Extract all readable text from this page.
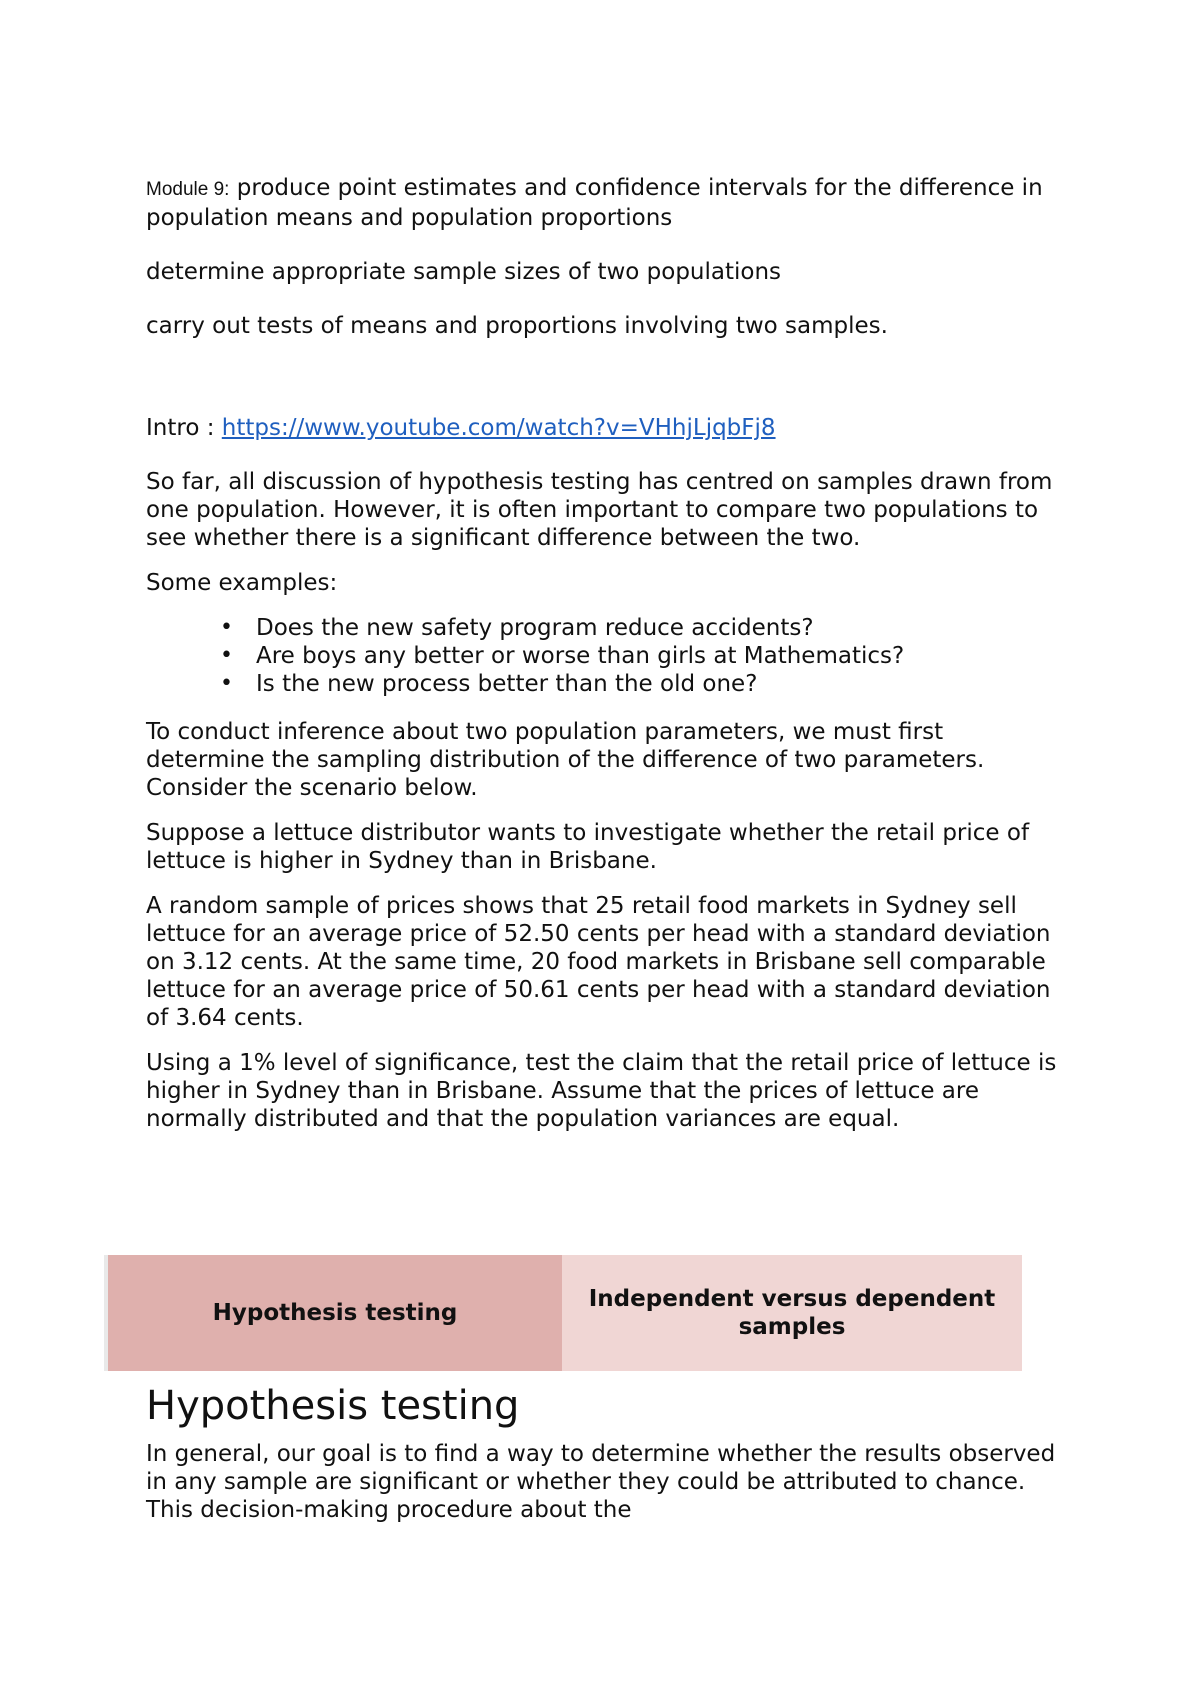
Module 9: produce point estimates and confidence intervals for the difference in population means and population proportions

determine appropriate sample sizes of two populations

carry out tests of means and proportions involving two samples.

Intro : https://www.youtube.com/watch?v=VHhjLjqbFj8

So far, all discussion of hypothesis testing has centred on samples drawn from one population. However, it is often important to compare two populations to see whether there is a significant difference between the two.

Some examples:

• Does the new safety program reduce accidents?
• Are boys any better or worse than girls at Mathematics?
• Is the new process better than the old one?

To conduct inference about two population parameters, we must first determine the sampling distribution of the difference of two parameters. Consider the scenario below.

Suppose a lettuce distributor wants to investigate whether the retail price of lettuce is higher in Sydney than in Brisbane.

A random sample of prices shows that 25 retail food markets in Sydney sell lettuce for an average price of 52.50 cents per head with a standard deviation on 3.12 cents. At the same time, 20 food markets in Brisbane sell comparable lettuce for an average price of 50.61 cents per head with a standard deviation of 3.64 cents.

Using a 1% level of significance, test the claim that the retail price of lettuce is higher in Sydney than in Brisbane. Assume that the prices of lettuce are normally distributed and that the population variances are equal.

Hypothesis testing
Independent versus dependent samples
Hypothesis testing

In general, our goal is to find a way to determine whether the results observed in any sample are significant or whether they could be attributed to chance. This decision-making procedure about the
